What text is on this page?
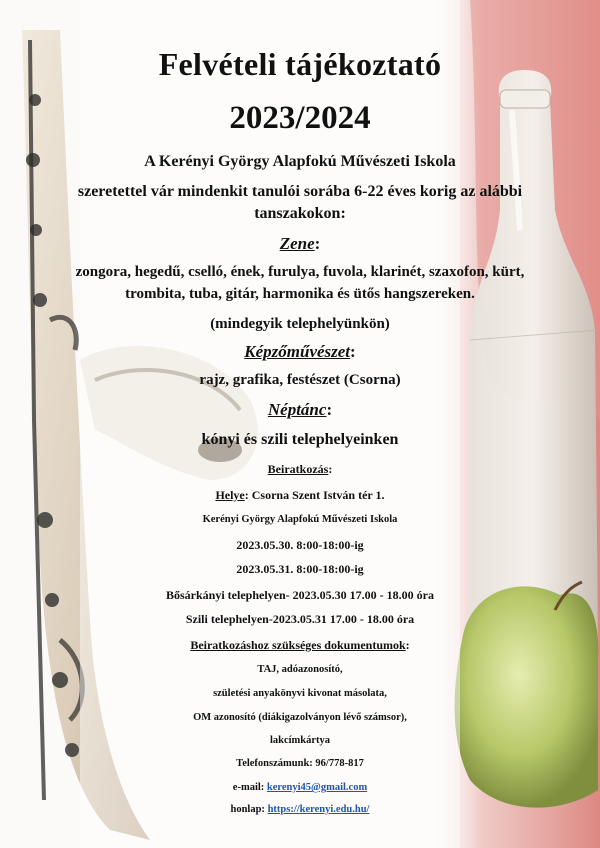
Felvételi tájékoztató
2023/2024
A Kerényi György Alapfokú Művészeti Iskola
szeretettel vár mindenkit tanulói sorába 6-22 éves korig az alábbi
tanszakokon:
Zene:
zongora, hegedű, cselló, ének, furulya, fuvola, klarinét, szaxofon, kürt,
trombita, tuba, gitár, harmonika és ütős hangszereken.
(mindegyik telephelyünkön)
Képzőművészet:
rajz, grafika, festészet (Csorna)
Néptánc:
kónyi és szili telephelyeinken
Beiratkozás:
Helye: Csorna Szent István tér 1.
Kerényi György Alapfokú Művészeti Iskola
2023.05.30. 8:00-18:00-ig
2023.05.31. 8:00-18:00-ig
Bősárkányi telephelyen- 2023.05.30 17.00 - 18.00 óra
Szili telephelyen-2023.05.31 17.00 - 18.00 óra
Beiratkozáshoz szükséges dokumentumok:
TAJ, adóazonosító,
születési anyakönyvi kivonat másolata,
OM azonosító (diákigazolványon lévő számsor),
lakcímkártya
Telefonszámunk: 96/778-817
e-mail: kerenyi45@gmail.com
honlap: https://kerenyi.edu.hu/
